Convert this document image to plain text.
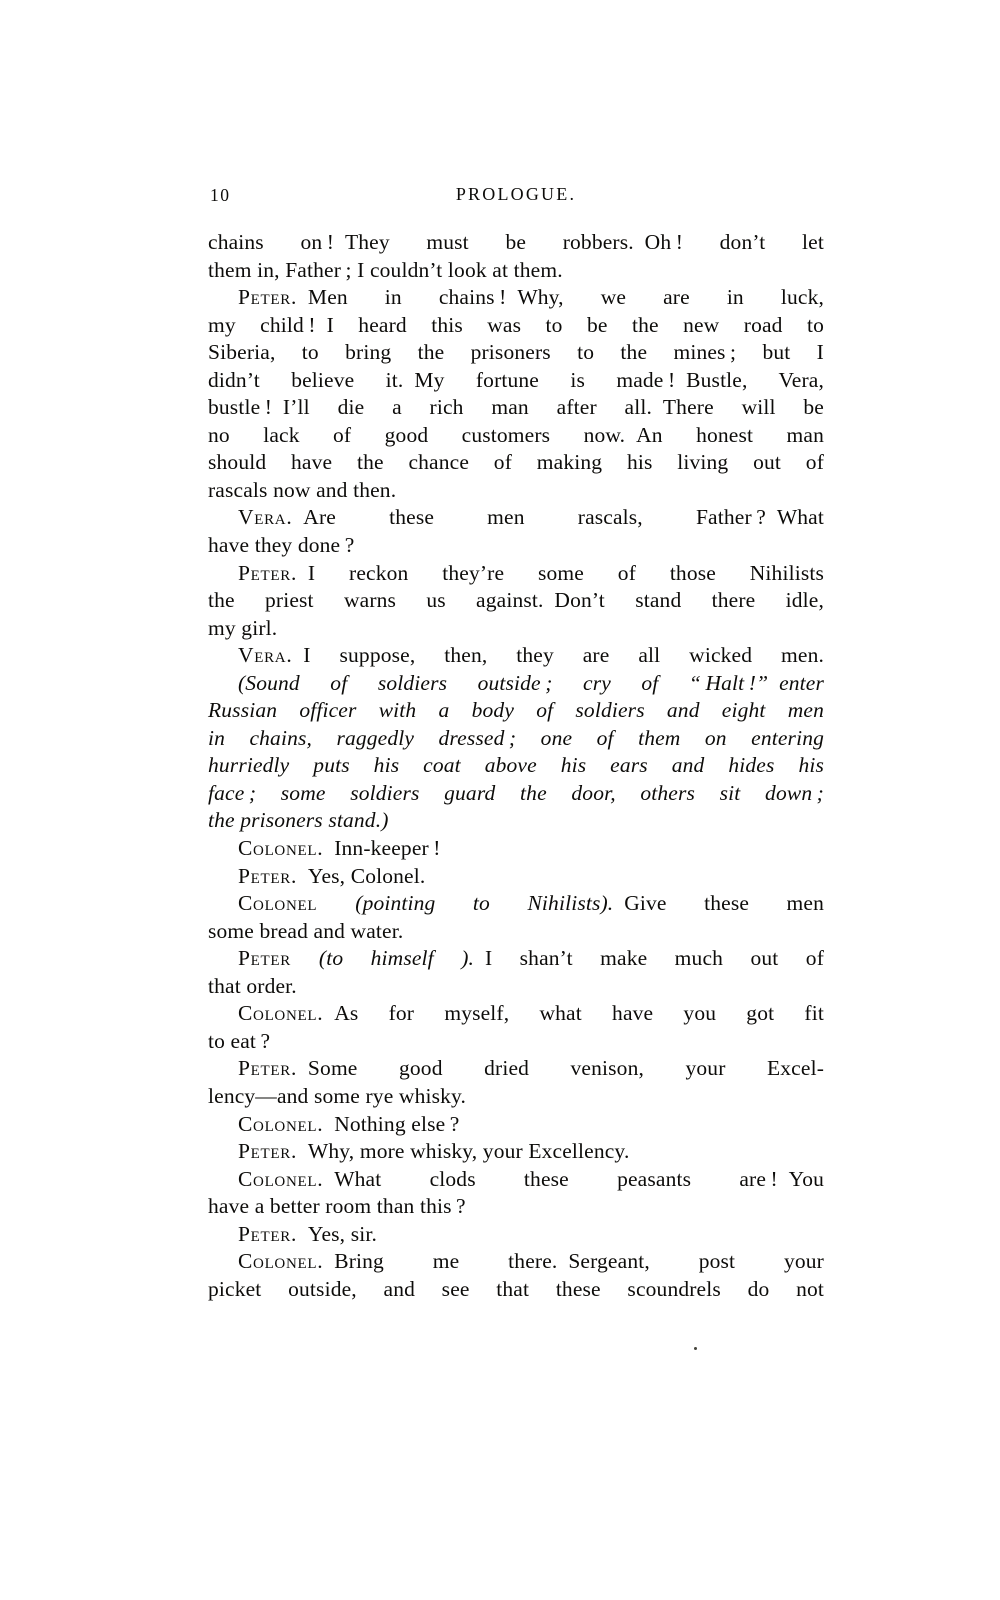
10	PROLOGUE.
chains on ! They must be robbers. Oh ! don’t let
them in, Father ; I couldn’t look at them.
Peter. Men in chains ! Why, we are in luck,
my child ! I heard this was to be the new road to
Siberia, to bring the prisoners to the mines ; but I
didn’t believe it. My fortune is made ! Bustle, Vera,
bustle ! I’ll die a rich man after all. There will be
no lack of good customers now. An honest man
should have the chance of making his living out of
rascals now and then.
Vera. Are these men rascals, Father ? What
have they done ?
Peter. I reckon they’re some of those Nihilists
the priest warns us against. Don’t stand there idle,
my girl.
Vera. I suppose, then, they are all wicked men.
(Sound of soldiers outside ; cry of “ Halt !” enter
Russian officer with a body of soldiers and eight men
in chains, raggedly dressed ; one of them on entering
hurriedly puts his coat above his ears and hides his
face ; some soldiers guard the door, others sit down ;
the prisoners stand.)
Colonel. Inn-keeper !
Peter. Yes, Colonel.
Colonel (pointing to Nihilists). Give these men
some bread and water.
Peter (to himself ). I shan’t make much out of
that order.
Colonel. As for myself, what have you got fit
to eat ?
Peter. Some good dried venison, your Excel-
lency—and some rye whisky.
Colonel. Nothing else ?
Peter. Why, more whisky, your Excellency.
Colonel. What clods these peasants are ! You
have a better room than this ?
Peter. Yes, sir.
Colonel. Bring me there. Sergeant, post your
picket outside, and see that these scoundrels do not
